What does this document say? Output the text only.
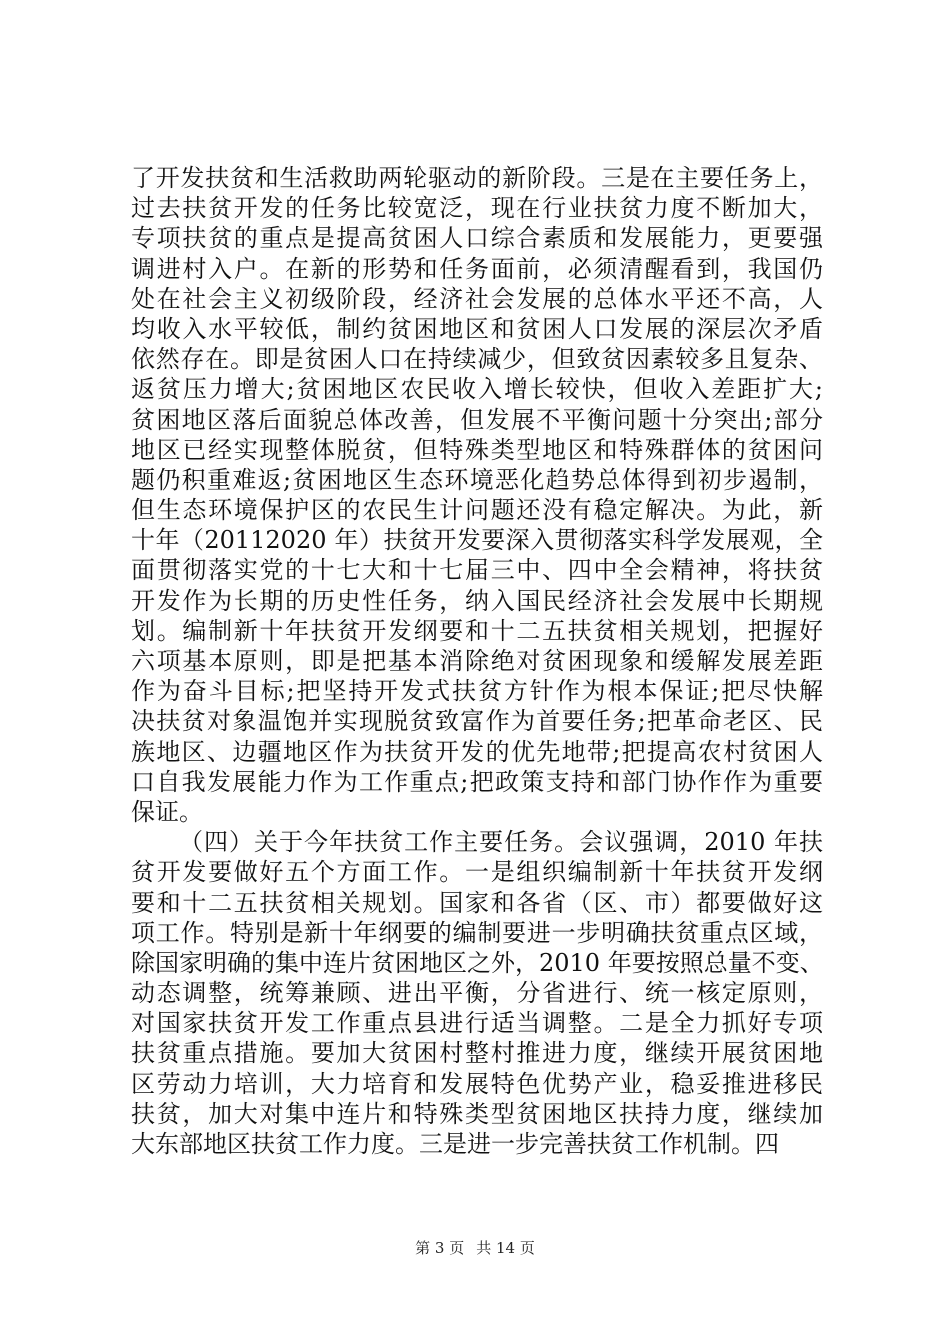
了开发扶贫和生活救助两轮驱动的新阶段。三是在主要任务上，
过去扶贫开发的任务比较宽泛，现在行业扶贫力度不断加大，
专项扶贫的重点是提高贫困人口综合素质和发展能力，更要强
调进村入户。在新的形势和任务面前，必须清醒看到，我国仍
处在社会主义初级阶段，经济社会发展的总体水平还不高，人
均收入水平较低，制约贫困地区和贫困人口发展的深层次矛盾
依然存在。即是贫困人口在持续减少，但致贫因素较多且复杂、
返贫压力增大;贫困地区农民收入增长较快，但收入差距扩大;
贫困地区落后面貌总体改善，但发展不平衡问题十分突出;部分
地区已经实现整体脱贫，但特殊类型地区和特殊群体的贫困问
题仍积重难返;贫困地区生态环境恶化趋势总体得到初步遏制，
但生态环境保护区的农民生计问题还没有稳定解决。为此，新
十年（20112020 年）扶贫开发要深入贯彻落实科学发展观，全
面贯彻落实党的十七大和十七届三中、四中全会精神，将扶贫
开发作为长期的历史性任务，纳入国民经济社会发展中长期规
划。编制新十年扶贫开发纲要和十二五扶贫相关规划，把握好
六项基本原则，即是把基本消除绝对贫困现象和缓解发展差距
作为奋斗目标;把坚持开发式扶贫方针作为根本保证;把尽快解
决扶贫对象温饱并实现脱贫致富作为首要任务;把革命老区、民
族地区、边疆地区作为扶贫开发的优先地带;把提高农村贫困人
口自我发展能力作为工作重点;把政策支持和部门协作作为重要
保证。
（四）关于今年扶贫工作主要任务。会议强调，2010 年扶
贫开发要做好五个方面工作。一是组织编制新十年扶贫开发纲
要和十二五扶贫相关规划。国家和各省（区、市）都要做好这
项工作。特别是新十年纲要的编制要进一步明确扶贫重点区域，
除国家明确的集中连片贫困地区之外，2010 年要按照总量不变、
动态调整，统筹兼顾、进出平衡，分省进行、统一核定原则，
对国家扶贫开发工作重点县进行适当调整。二是全力抓好专项
扶贫重点措施。要加大贫困村整村推进力度，继续开展贫困地
区劳动力培训，大力培育和发展特色优势产业，稳妥推进移民
扶贫，加大对集中连片和特殊类型贫困地区扶持力度，继续加
大东部地区扶贫工作力度。三是进一步完善扶贫工作机制。四
第 3 页 共 14 页
